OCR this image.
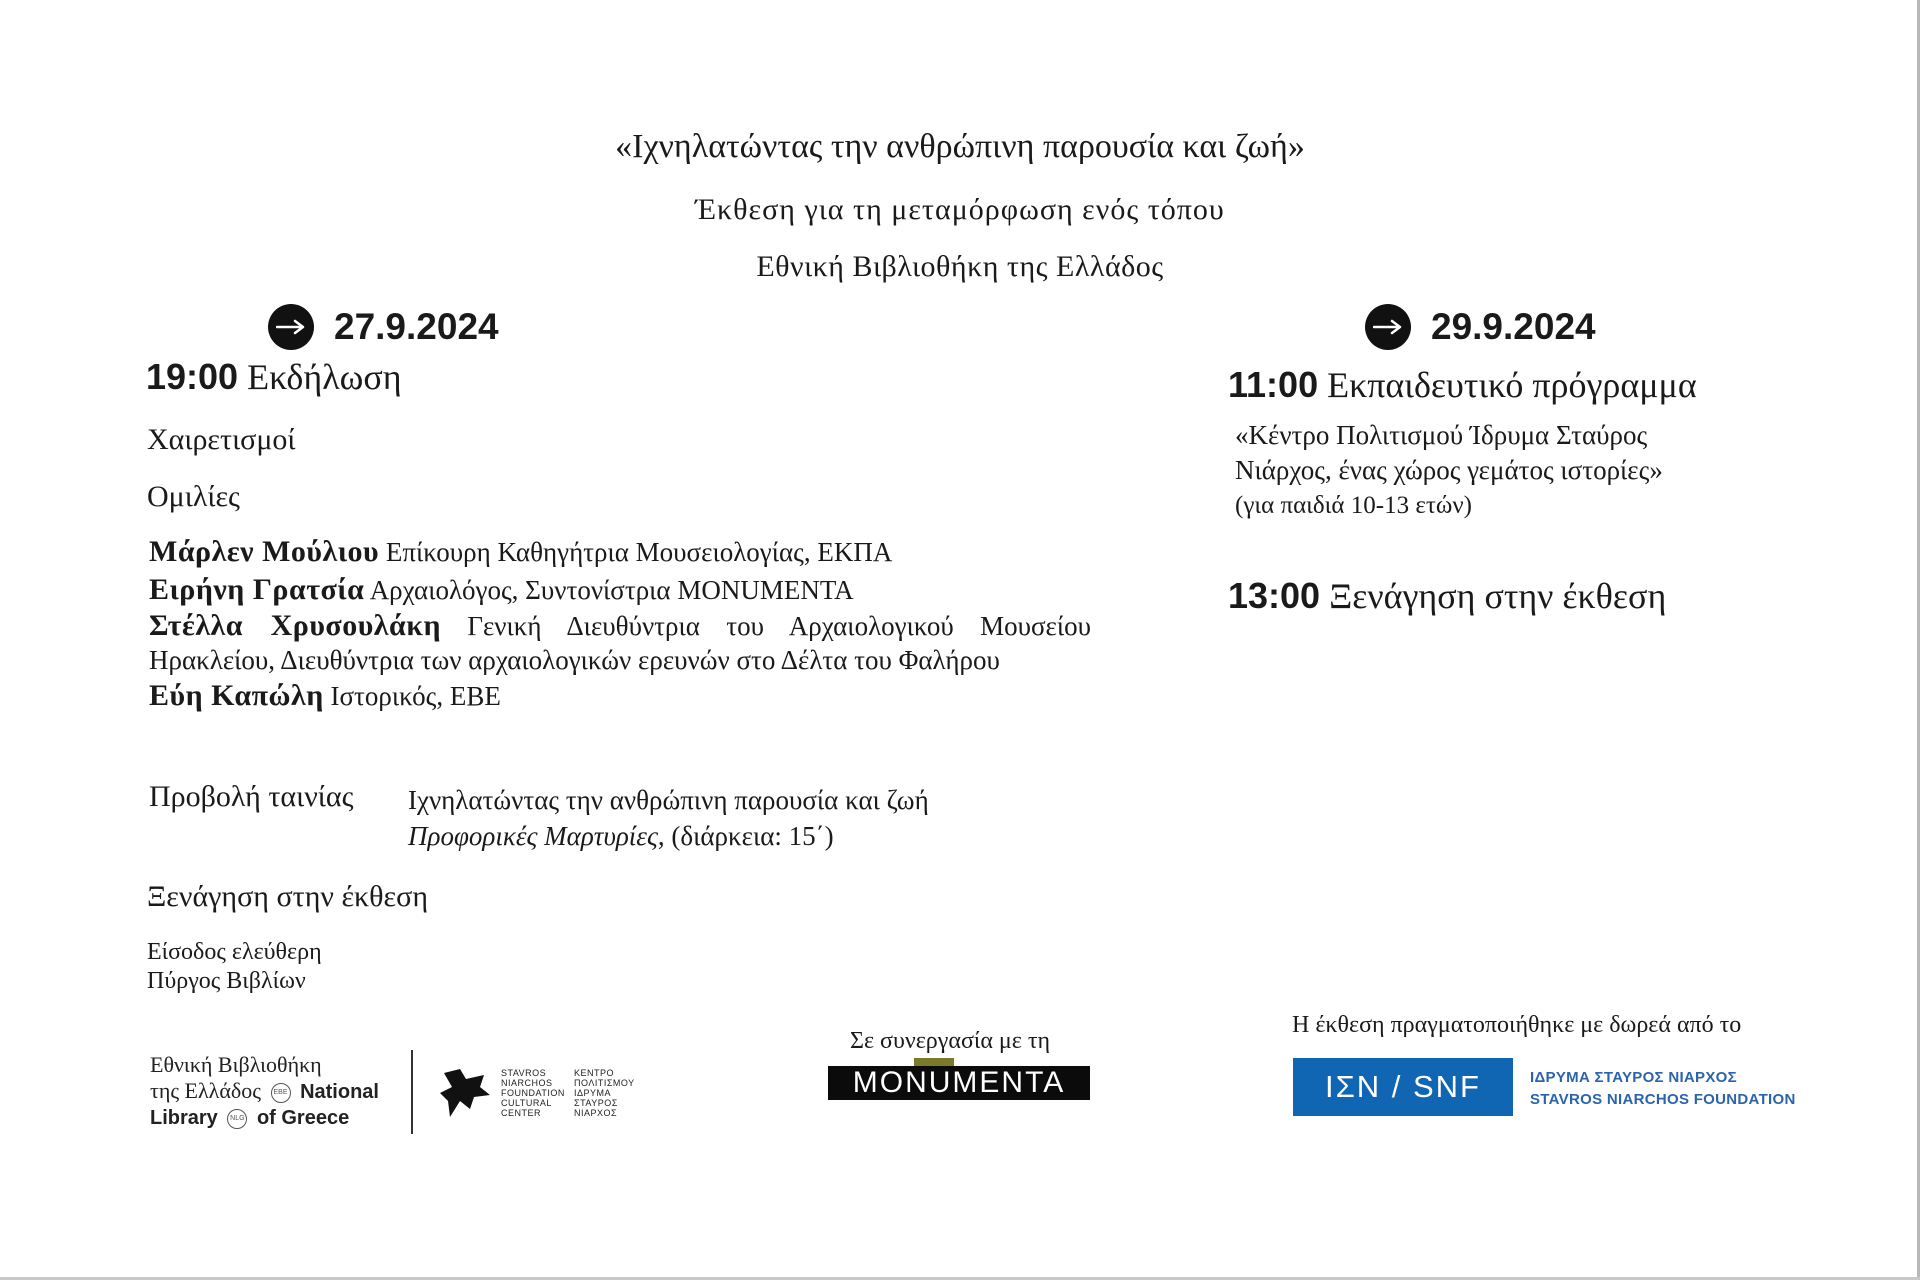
«Ιχνηλατώντας την ανθρώπινη παρουσία και ζωή»
Έκθεση για τη μεταμόρφωση ενός τόπου
Εθνική Βιβλιοθήκη της Ελλάδος
27.9.2024
19:00 Εκδήλωση
Χαιρετισμοί
Ομιλίες

Μάρλεν Μούλιου Επίκουρη Καθηγήτρια Μουσειολογίας, ΕΚΠΑ

Ειρήνη Γρατσία Αρχαιολόγος, Συντονίστρια MONUMENTA

Στέλλα Χρυσουλάκη Γενική Διευθύντρια του Αρχαιολογικού Μουσείου Ηρακλείου, Διευθύντρια των αρχαιολογικών ερευνών στο Δέλτα του Φαλήρου

Εύη Καπώλη Ιστορικός, ΕΒΕ

Προβολή ταινίας Ιχνηλατώντας την ανθρώπινη παρουσία και ζωή
Προφορικές Μαρτυρίες, (διάρκεια: 15΄)
Ξενάγηση στην έκθεση
Είσοδος ελεύθερη
Πύργος Βιβλίων
29.9.2024
11:00 Εκπαιδευτικό πρόγραμμα
«Κέντρο Πολιτισμού Ίδρυμα Σταύρος
Νιάρχος, ένας χώρος γεμάτος ιστορίες»
(για παιδιά 10-13 ετών)
13:00 Ξενάγηση στην έκθεση
Εθνική Βιβλιοθήκη
της Ελλάδος ΕΒΕ National
Library NLG of Greece
STAVROS
NIARCHOS
FOUNDATION
CULTURAL
CENTER
ΚΕΝΤΡΟ
ΠΟΛΙΤΙΣΜΟΥ
ΙΔΡΥΜΑ
ΣΤΑΥΡΟΣ
ΝΙΑΡΧΟΣ
Σε συνεργασία με τη
MONUMENTA
Η έκθεση πραγματοποιήθηκε με δωρεά από το
ΙΣΝ / SNF	ΙΔΡΥΜΑ ΣΤΑΥΡΟΣ ΝΙΑΡΧΟΣ
STAVROS NIARCHOS FOUNDATION
